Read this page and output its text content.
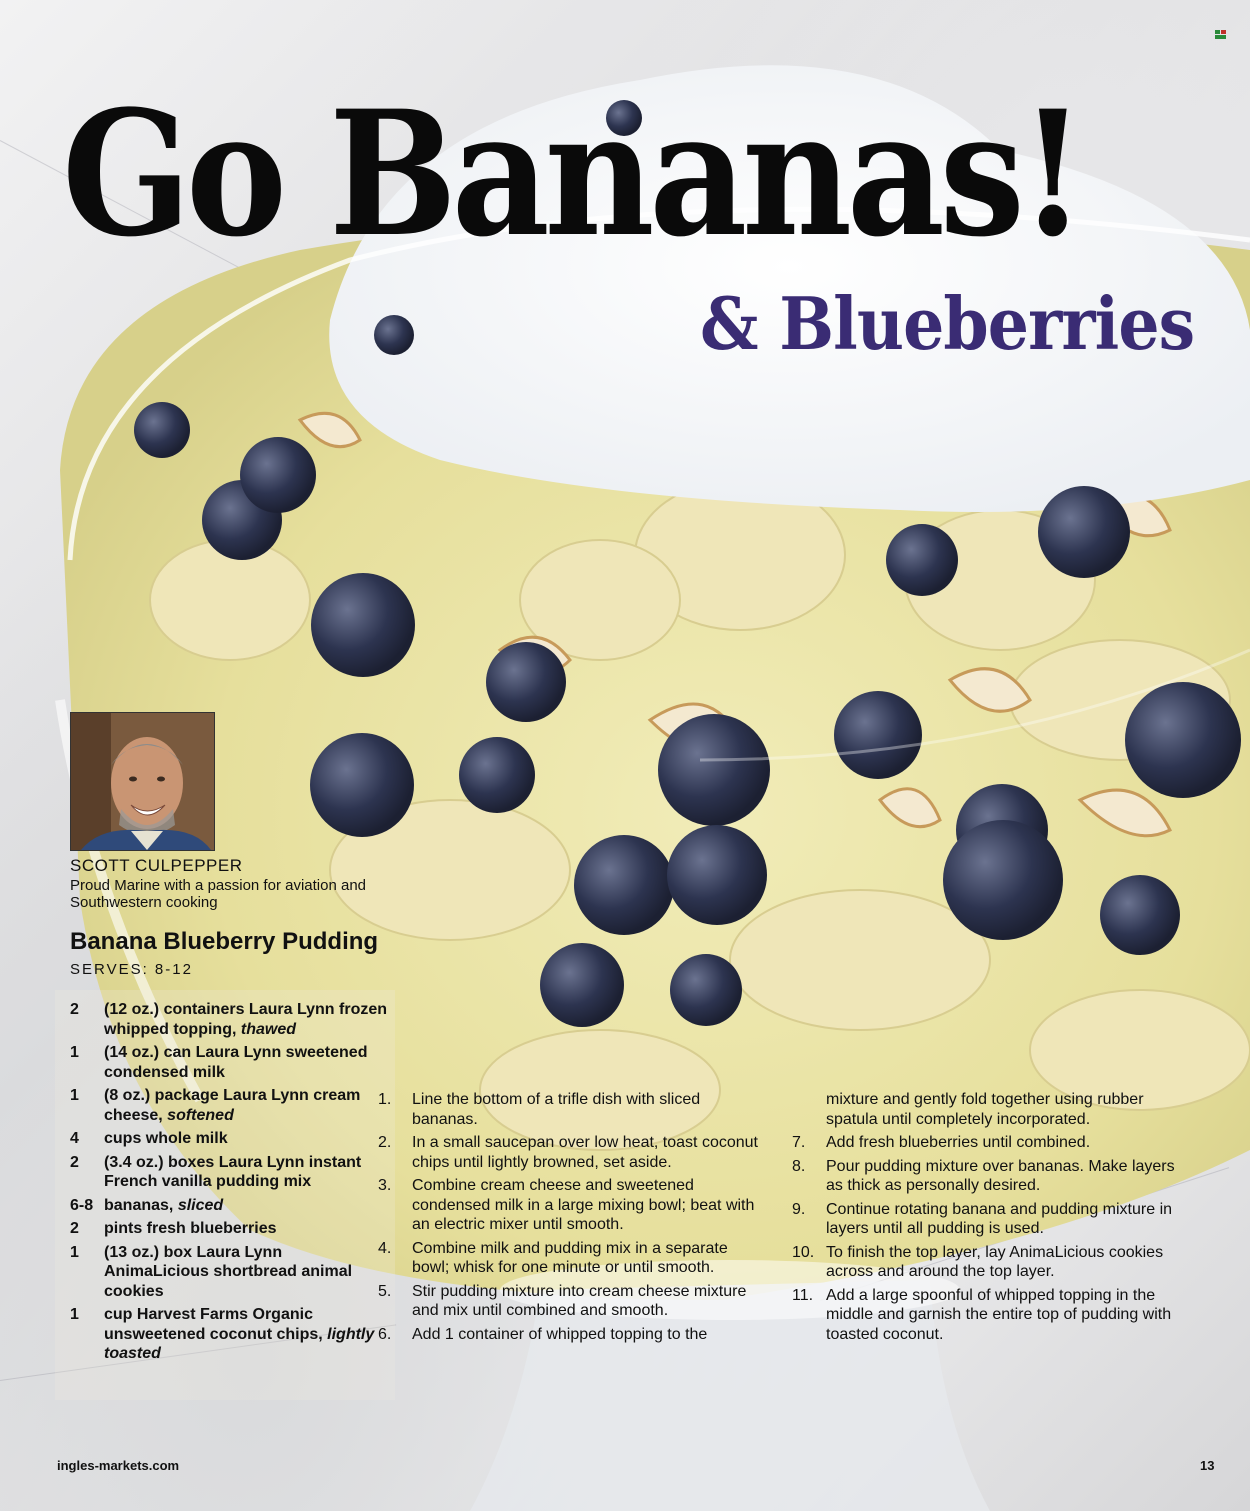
Go Bananas!
& Blueberries
SCOTT CULPEPPER
Proud Marine with a passion for aviation and Southwestern cooking
Banana Blueberry Pudding
SERVES: 8-12
2	(12 oz.) containers Laura Lynn frozen whipped topping, thawed
1	(14 oz.) can Laura Lynn sweetened condensed milk
1	(8 oz.) package Laura Lynn cream cheese, softened
4	cups whole milk
2	(3.4 oz.) boxes Laura Lynn instant French vanilla pudding mix
6-8 bananas, sliced
2	pints fresh blueberries
1	(13 oz.) box Laura Lynn AnimaLicious shortbread animal cookies
1	cup Harvest Farms Organic unsweetened coconut chips, lightly toasted
1.	Line the bottom of a trifle dish with sliced bananas.
2.	In a small saucepan over low heat, toast coconut chips until lightly browned, set aside.
3.	Combine cream cheese and sweetened condensed milk in a large mixing bowl; beat with an electric mixer until smooth.
4.	Combine milk and pudding mix in a separate bowl; whisk for one minute or until smooth.
5.	Stir pudding mixture into cream cheese mixture and mix until combined and smooth.
6.	Add 1 container of whipped topping to the
mixture and gently fold together using rubber spatula until completely incorporated.
7.	Add fresh blueberries until combined.
8.	Pour pudding mixture over bananas. Make layers as thick as personally desired.
9.	Continue rotating banana and pudding mixture in layers until all pudding is used.
10. To finish the top layer, lay AnimaLicious cookies across and around the top layer.
11. Add a large spoonful of whipped topping in the middle and garnish the entire top of pudding with toasted coconut.
ingles-markets.com	13
